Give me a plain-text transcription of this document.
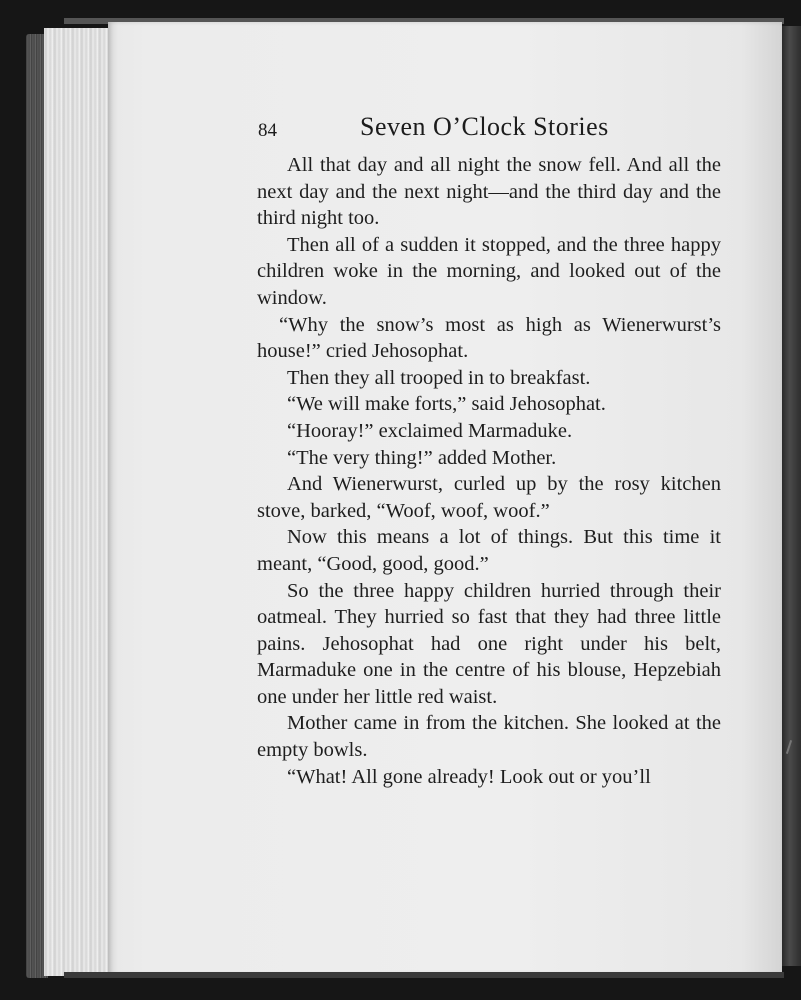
84	Seven O’Clock Stories

All that day and all night the snow fell. And all the next day and the next night—and the third day and the third night too.

Then all of a sudden it stopped, and the three happy children woke in the morning, and looked out of the window.

“Why the snow’s most as high as Wienerwurst’s house!” cried Jehosophat.

Then they all trooped in to breakfast.

“We will make forts,” said Jehosophat.

“Hooray!” exclaimed Marmaduke.

“The very thing!” added Mother.

And Wienerwurst, curled up by the rosy kitchen stove, barked, “Woof, woof, woof.”

Now this means a lot of things. But this time it meant, “Good, good, good.”

So the three happy children hurried through their oatmeal. They hurried so fast that they had three little pains. Jehosophat had one right under his belt, Marmaduke one in the centre of his blouse, Hepzebiah one under her little red waist.

Mother came in from the kitchen. She looked at the empty bowls.

“What! All gone already! Look out or you’ll
